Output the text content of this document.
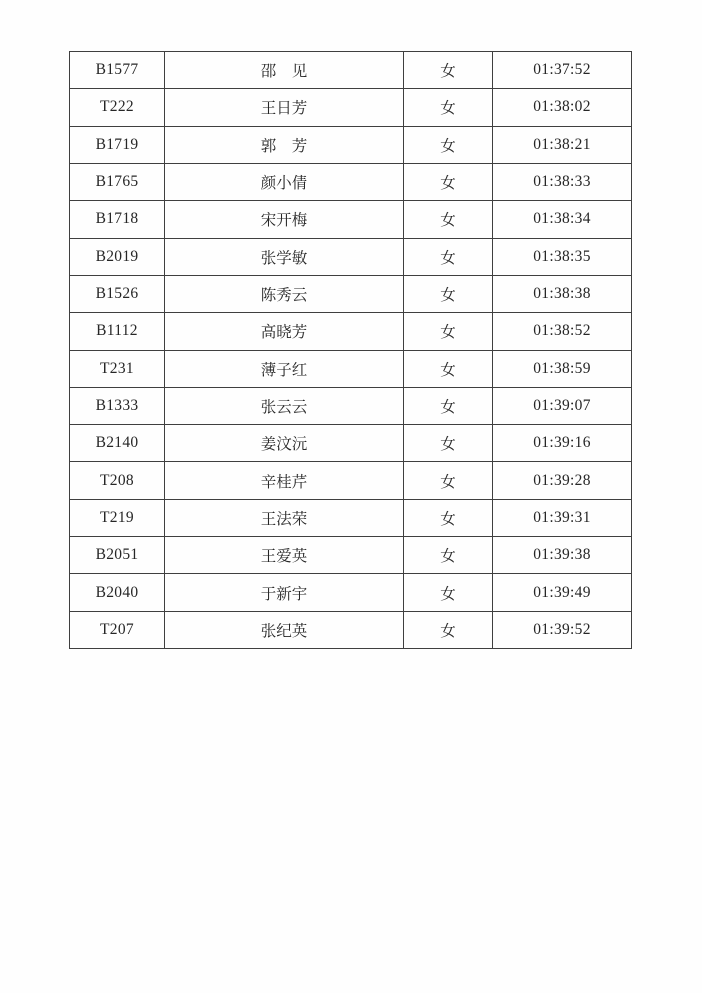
B1577	邵　见	女	01:37:52
T222	王日芳	女	01:38:02
B1719	郭　芳	女	01:38:21
B1765	颜小倩	女	01:38:33
B1718	宋开梅	女	01:38:34
B2019	张学敏	女	01:38:35
B1526	陈秀云	女	01:38:38
B1112	高晓芳	女	01:38:52
T231	薄子红	女	01:38:59
B1333	张云云	女	01:39:07
B2140	姜汶沅	女	01:39:16
T208	辛桂芹	女	01:39:28
T219	王法荣	女	01:39:31
B2051	王爱英	女	01:39:38
B2040	于新宇	女	01:39:49
T207	张纪英	女	01:39:52
